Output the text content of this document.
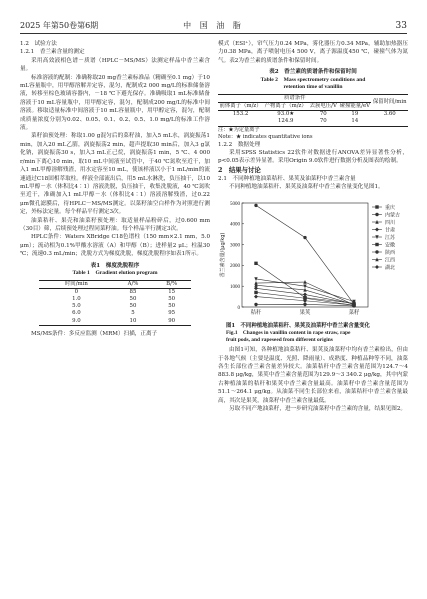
2025 年第50卷第6期	中 国 油 脂	33

1.2　试验方法

1.2.1　香兰素含量的测定

采用高效液相色谱－质谱（HPLC－MS/MS）法测定样品中香兰素含量。

标准溶液的配制：准确称取20 mg香兰素标准品（精确至0.1 mg）于10 mL容量瓶中，用甲醇溶解并定容，混匀，配制成2 000 mg/L的标准储备溶液，转移至棕色玻璃容器内，－18 ℃下避光保存。准确吸取1 mL标准储备溶液于10 mL容量瓶中，用甲醇定容，混匀，配制成200 mg/L的标准中间溶液。移取适量标准中间溶液于10 mL容量瓶中，用甲醇定容，混匀，配制成质量浓度分别为0.02、0.05、0.1、0.2、0.5、1.0 mg/L的标准工作溶液。

菜籽油预处理：称取1.00 g混匀后的菜籽油，加入5 mL水，涡旋振荡1 min，加入20 mL乙腈，涡旋振荡2 min，超声提取30 min后，加入3 g氯化钠，涡旋振荡30 s，加入3 mL正己烷，涡旋振荡1 min，5 ℃、4 000 r/min下离心10 min，取10 mL中间液至试管中，于40 ℃氮吹至近干，加入1 mL甲醇溶解残渣，用水定容至10 mL，使该样液以小于1 mL/min的流速通过C18固相萃取柱。样液全部流出后，用5 mL水淋洗，负压抽干，以10 mL甲醇－水（体积比4∶1）溶液洗脱，负压抽干，收集洗脱液，40 ℃氮吹至近干，准确加入1 mL甲醇－水（体积比4∶1）溶液溶解残渣，过0.22 μm微孔滤膜后，待HPLC－MS/MS测定。以菜籽油空白样作为对照进行测定，外标法定量。每个样品平行测定3次。

油菜秸秆、果壳和油菜籽预处理：取适量样品粉碎后，过0.600 mm（30目）筛，后续预处理过程同菜籽油。每个样品平行测定3次。

HPLC条件：Waters XBridge C18色谱柱（150 mm×2.1 mm，5.0 μm）；流动相为0.1%甲酸水溶液（A）和甲醇（B）；进样量2 μL；柱温30 ℃；流速0.3 mL/min；洗脱方式为梯度洗脱，梯度洗脱程序如表1所示。

表1　梯度洗脱程序
Table 1　Gradient elution program
时间/min	A/%	B/%
0	85	15
1.0	50	50
5.0	50	50
6.0	5	95
9.0	10	90

MS/MS条件：多反应监测（MRM）扫描，正离子

模式（ESI⁺），帘气压力0.24 MPa，雾化器压力0.34 MPa，辅助加热器压力0.38 MPa，离子喷射电压4 500 V，离子源温度450 ℃，碰撞气体为氮气。表2为香兰素的质谱条件和保留时间。

表2　香兰素的质谱条件和保留时间
Table 2　Mass spectrometry conditions and
retention time of vanillin
质谱条件				保留时间/min
前体离子（m/z）	产物离子（m/z）	去簇电压/V	碰撞能量/eV	
153.2	93.0★	70	19	3.60
	124.9	70	14	
注：★为定量离子
Note：★ indicates quantitative ions

1.2.2　数据处理

采用SPSS Statistics 22软件对数据进行ANOVA差异显著性分析，p<0.05表示差异显著。采用Origin 9.0软件进行数据分析及图表的绘制。

2　结果与讨论

2.1　不同种植地油菜秸秆、果荚及油菜籽中香兰素含量

不同种植地油菜秸秆、果荚及油菜籽中香兰素含量变化见图1。

0
1000
2000
3000
4000
5000
香兰素含量/(μg/kg)
秸秆	果荚	菜籽
重庆
内蒙古
四川
甘肃
江苏
安徽
陕西
江西
湖北
图1　不同种植地油菜秸秆、果荚及油菜籽中香兰素含量变化
Fig.1　Changes in vanillin content in rape straw, rape
fruit pods, and rapeseed from different origins

由图1可知，各种植地油菜秸秆、果荚及油菜籽中均有香兰素检出，但由于各地气候（主要是温度、光照、降雨量）、成熟度、种植品种等不同，油菜各生长部位香兰素含量差异较大。油菜秸秆中香兰素含量范围为124.7～4 883.8 μg/kg，果荚中香兰素含量范围为129.9～3 340.2 μg/kg，其中内蒙古种植油菜的秸秆和果荚中香兰素含量最高。油菜籽中香兰素含量范围为51.1～264.1 μg/kg。从油菜不同生长部位来看，油菜秸秆中香兰素含量最高，其次是果荚，油菜籽中香兰素含量最低。

另取不同产地油菜籽，进一步研究油菜籽中香兰素的含量，结果见图2。
